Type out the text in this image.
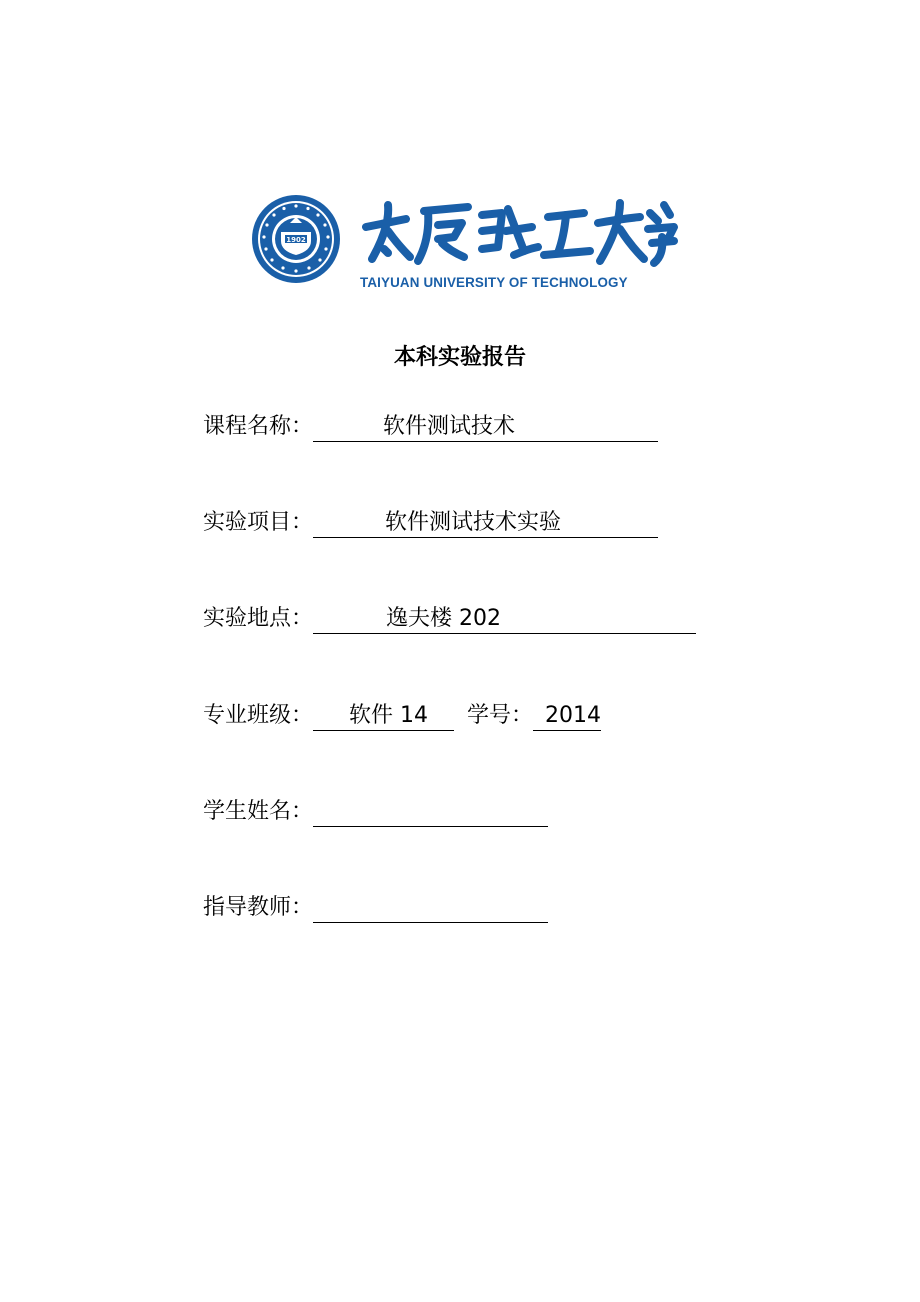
1902
TAIYUAN UNIVERSITY OF TECHNOLOGY
本科实验报告
课程名称：	软件测试技术
实验项目：	软件测试技术实验
实验地点：	逸夫楼 202
专业班级： 软件 14 学号： 2014
学生姓名：
指导教师：
